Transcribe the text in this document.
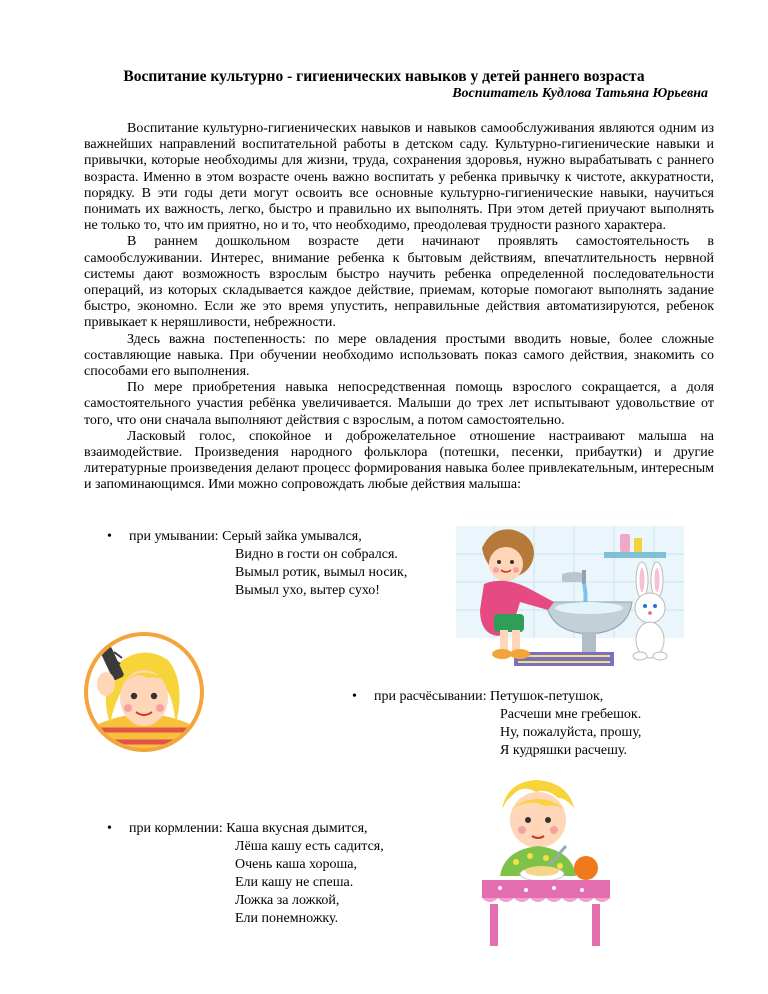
Воспитание культурно - гигиенических навыков у детей раннего возраста
Воспитатель Кудлова Татьяна Юрьевна

Воспитание культурно-гигиенических навыков и навыков самообслуживания являются одним из важнейших направлений воспитательной работы в детском саду. Культурно-гигиенические навыки и привычки, которые необходимы для жизни, труда, сохранения здоровья, нужно вырабатывать с раннего возраста. Именно в этом возрасте очень важно воспитать у ребенка привычку к чистоте, аккуратности, порядку. В эти годы дети могут освоить все основные культурно-гигиенические навыки, научиться понимать их важность, легко, быстро и правильно их выполнять. При этом детей приучают выполнять не только то, что им приятно, но и то, что необходимо, преодолевая трудности разного характера.

В раннем дошкольном возрасте дети начинают проявлять самостоятельность в самообслуживании. Интерес, внимание ребенка к бытовым действиям, впечатлительность нервной системы дают возможность взрослым быстро научить ребенка определенной последовательности операций, из которых складывается каждое действие, приемам, которые помогают выполнять задание быстро, экономно. Если же это время упустить, неправильные действия автоматизируются, ребенок привыкает к неряшливости, небрежности.

Здесь важна постепенность: по мере овладения простыми вводить новые, более сложные составляющие навыка. При обучении необходимо использовать показ самого действия, знакомить со способами его выполнения.

По мере приобретения навыка непосредственная помощь взрослого сокращается, а доля самостоятельного участия ребёнка увеличивается. Малыши до трех лет испытывают удовольствие от того, что они сначала выполняют действия с взрослым, а потом самостоятельно.

Ласковый голос, спокойное и доброжелательное отношение настраивают малыша на взаимодействие. Произведения народного фольклора (потешки, песенки, прибаутки) и другие литературные произведения делают процесс формирования навыка более привлекательным, интересным и запоминающимся. Ими можно сопровождать любые действия малыша:

• при умывании: Серый зайка умывался,
Видно в гости он собрался.
Вымыл ротик, вымыл носик,
Вымыл ухо, вытер сухо!
• при расчёсывании: Петушок-петушок,
Расчеши мне гребешок.
Ну, пожалуйста, прошу,
Я кудряшки расчешу.
• при кормлении: Каша вкусная дымится,
Лёша кашу есть садится,
Очень каша хороша,
Ели кашу не спеша.
Ложка за ложкой,
Ели понемножку.
